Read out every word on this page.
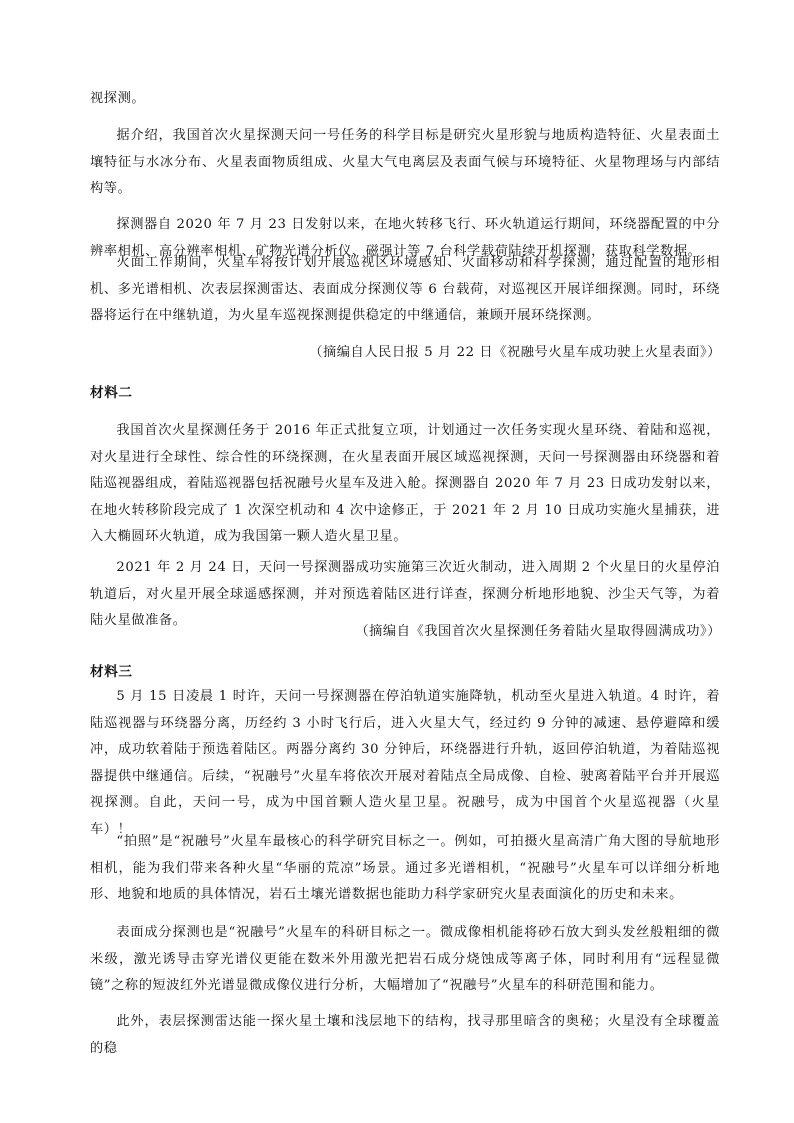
视探测。

据介绍，我国首次火星探测天问一号任务的科学目标是研究火星形貌与地质构造特征、火星表面土壤特征与水冰分布、火星表面物质组成、火星大气电离层及表面气候与环境特征、火星物理场与内部结构等。

探测器自 2020 年 7 月 23 日发射以来，在地火转移飞行、环火轨道运行期间，环绕器配置的中分辨率相机、高分辨率相机、矿物光谱分析仪、磁强计等 7 台科学载荷陆续开机探测，获取科学数据。

火面工作期间，火星车将按计划开展巡视区环境感知、火面移动和科学探测，通过配置的地形相机、多光谱相机、次表层探测雷达、表面成分探测仪等 6 台载荷，对巡视区开展详细探测。同时，环绕器将运行在中继轨道，为火星车巡视探测提供稳定的中继通信，兼顾开展环绕探测。

（摘编自人民日报 5 月 22 日《祝融号火星车成功驶上火星表面》）

材料二

我国首次火星探测任务于 2016 年正式批复立项，计划通过一次任务实现火星环绕、着陆和巡视，对火星进行全球性、综合性的环绕探测，在火星表面开展区域巡视探测，天问一号探测器由环绕器和着陆巡视器组成，着陆巡视器包括祝融号火星车及进入舱。探测器自 2020 年 7 月 23 日成功发射以来，在地火转移阶段完成了 1 次深空机动和 4 次中途修正，于 2021 年 2 月 10 日成功实施火星捕获，进入大椭圆环火轨道，成为我国第一颗人造火星卫星。

2021 年 2 月 24 日，天问一号探测器成功实施第三次近火制动，进入周期 2 个火星日的火星停泊轨道后，对火星开展全球遥感探测，并对预选着陆区进行详查，探测分析地形地貌、沙尘天气等，为着陆火星做准备。

（摘编自《我国首次火星探测任务着陆火星取得圆满成功》）

材料三

5 月 15 日凌晨 1 时许，天问一号探测器在停泊轨道实施降轨，机动至火星进入轨道。4 时许，着陆巡视器与环绕器分离，历经约 3 小时飞行后，进入火星大气，经过约 9 分钟的减速、悬停避障和缓冲，成功软着陆于预选着陆区。两器分离约 30 分钟后，环绕器进行升轨，返回停泊轨道，为着陆巡视器提供中继通信。后续，“祝融号”火星车将依次开展对着陆点全局成像、自检、驶离着陆平台并开展巡视探测。自此，天问一号，成为中国首颗人造火星卫星。祝融号，成为中国首个火星巡视器（火星车）！

“拍照”是“祝融号”火星车最核心的科学研究目标之一。例如，可拍摄火星高清广角大图的导航地形相机，能为我们带来各种火星“华丽的荒凉”场景。通过多光谱相机，“祝融号”火星车可以详细分析地形、地貌和地质的具体情况，岩石土壤光谱数据也能助力科学家研究火星表面演化的历史和未来。

表面成分探测也是“祝融号”火星车的科研目标之一。微成像相机能将砂石放大到头发丝般粗细的微米级，激光诱导击穿光谱仪更能在数米外用激光把岩石成分烧蚀成等离子体，同时利用有“远程显微镜”之称的短波红外光谱显微成像仪进行分析，大幅增加了“祝融号”火星车的科研范围和能力。

此外，表层探测雷达能一探火星土壤和浅层地下的结构，找寻那里暗含的奥秘；火星没有全球覆盖的稳
